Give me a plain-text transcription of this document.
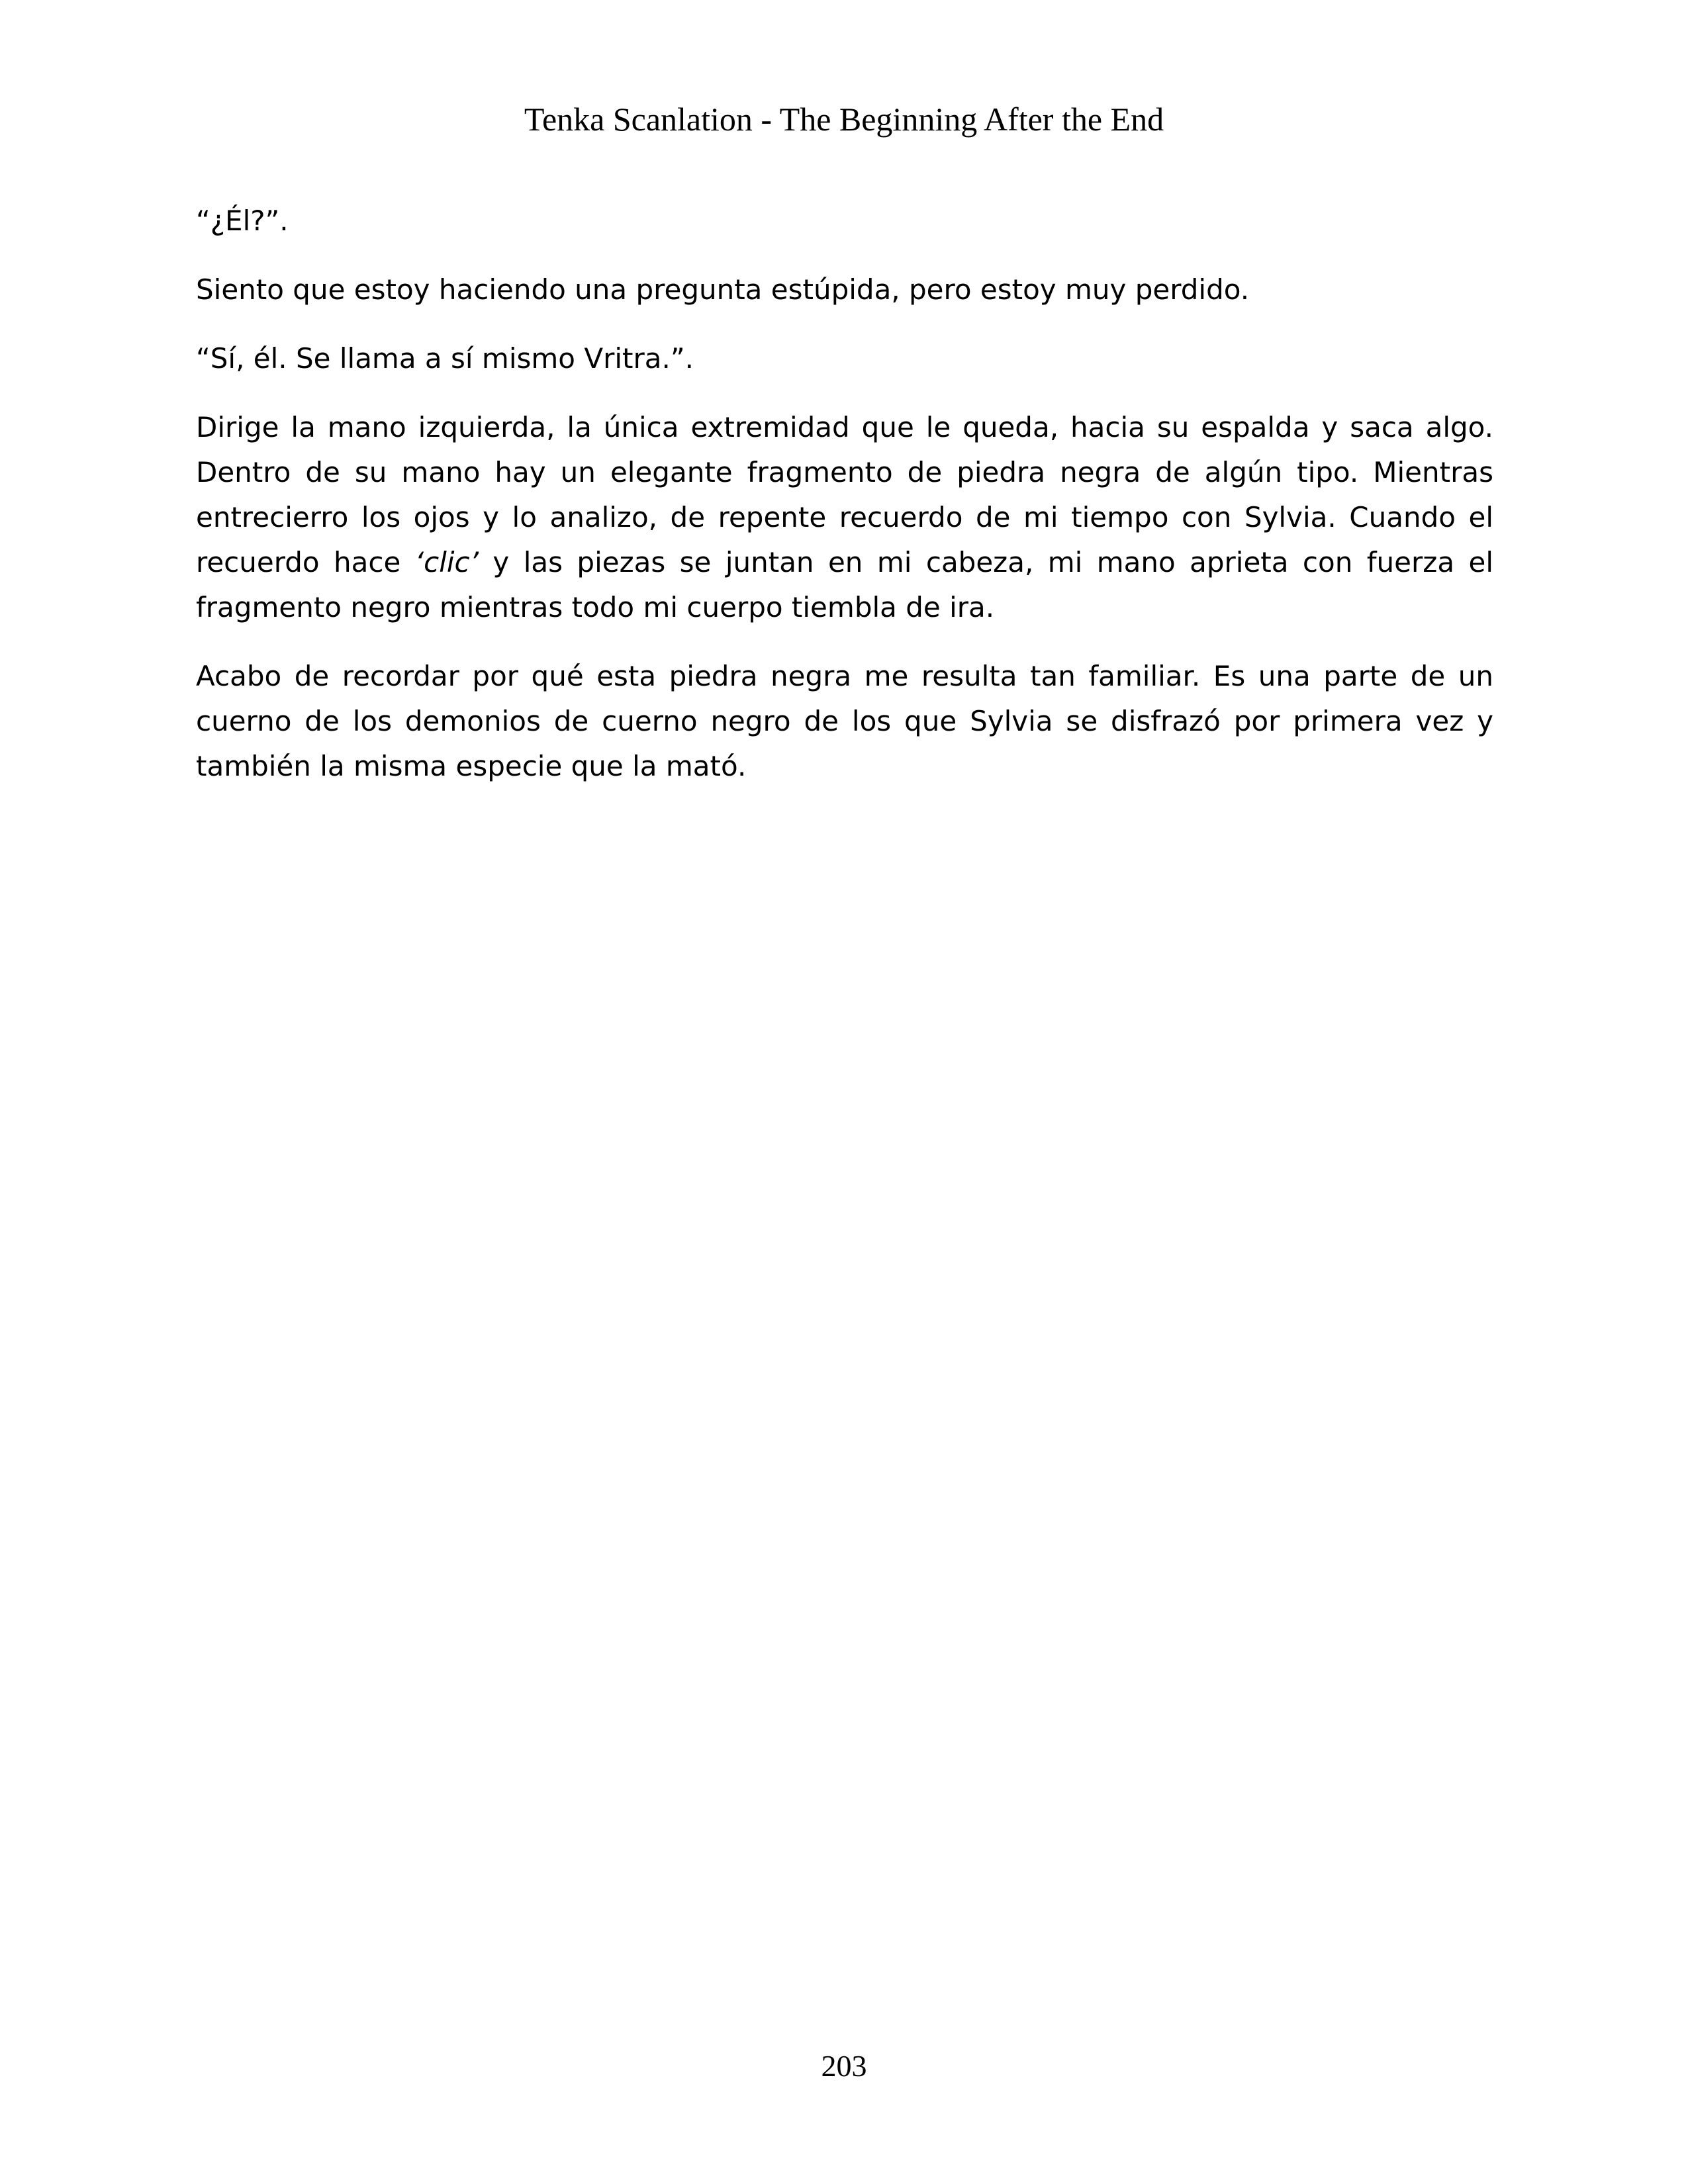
Tenka Scanlation - The Beginning After the End

“¿Él?”.

Siento que estoy haciendo una pregunta estúpida, pero estoy muy perdido.

“Sí, él. Se llama a sí mismo Vritra.”.

Dirige la mano izquierda, la única extremidad que le queda, hacia su espalda y saca algo. Dentro de su mano hay un elegante fragmento de piedra negra de algún tipo. Mientras entrecierro los ojos y lo analizo, de repente recuerdo de mi tiempo con Sylvia. Cuando el recuerdo hace ‘clic’ y las piezas se juntan en mi cabeza, mi mano aprieta con fuerza el fragmento negro mientras todo mi cuerpo tiembla de ira.

Acabo de recordar por qué esta piedra negra me resulta tan familiar. Es una parte de un cuerno de los demonios de cuerno negro de los que Sylvia se disfrazó por primera vez y también la misma especie que la mató.

203
